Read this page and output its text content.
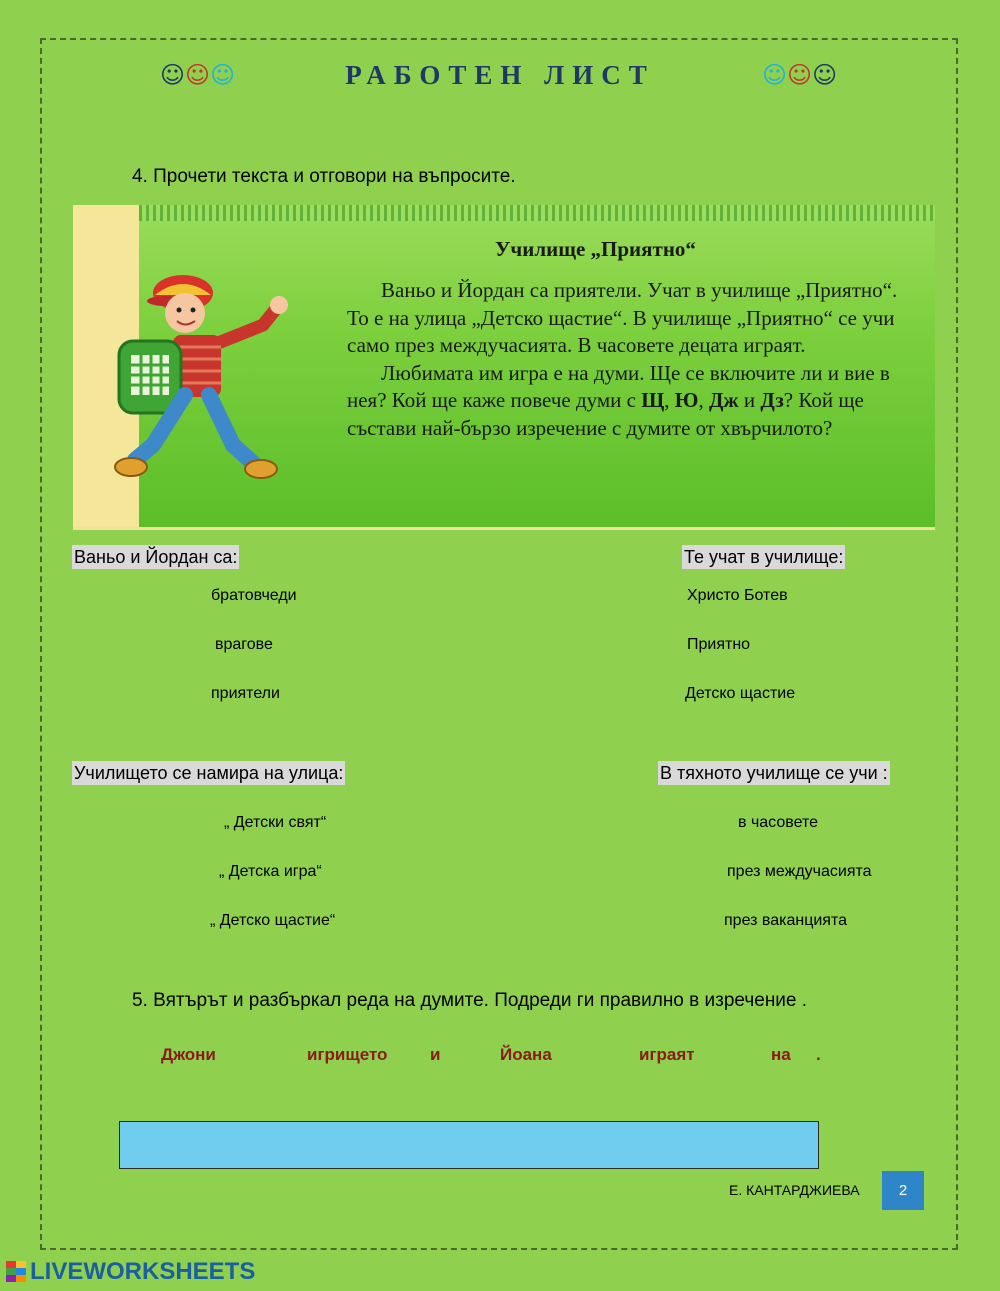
☺☺☺	РАБОТЕН ЛИСТ	☺☺☺
4. Прочети текста и отговори на въпросите.
Училище „Приятно“

Ваньо и Йордан са приятели. Учат в училище „Приятно“. То е на улица „Детско щастие“. В училище „Приятно“ се учи само през междучасията. В часовете децата играят.

Любимата им игра е на думи. Ще се включите ли и вие в нея? Кой ще каже повече думи с Щ, Ю, Дж и Дз? Кой ще състави най-бързо изречение с думите от хвърчилото?

Ваньо и Йордан са:
братовчеди
врагове
приятели
Те учат в училище:
Христо Ботев
Приятно
Детско щастие
Училището се намира на улица:
„ Детски свят“
„ Детска игра“
„ Детско щастие“
В тяхното училище се учи :
в часовете
през междучасията
през ваканцията
5. Вятърът и разбъркал реда на думите. Подреди ги правилно в изречение .
Джони	игрището	и	Йоана	играят	на .
Е. КАНТАРДЖИЕВА	2
LIVEWORKSHEETS
